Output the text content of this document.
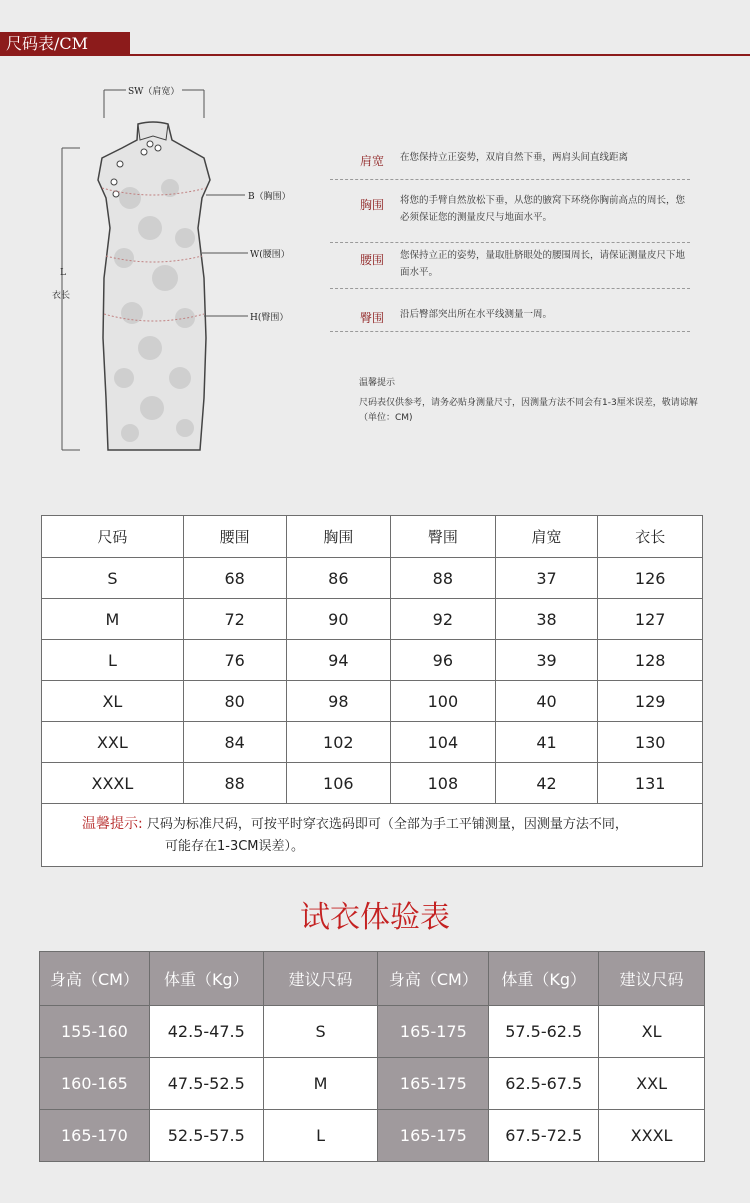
尺码表/CM
SW（肩宽）
B（胸围）
W(腰围）
H(臀围）
L
衣长
肩宽 在您保持立正姿势，双肩自然下垂，两肩头间直线距离
胸围 将您的手臂自然放松下垂，从您的腋窝下环绕你胸前高点的周长，您必须保证您的测量皮尺与地面水平。
腰围 您保持立正的姿势，量取肚脐眼处的腰围周长，请保证测量皮尺下地面水平。
臀围 沿后臀部突出所在水平线测量一周。
温馨提示
尺码表仅供参考，请务必贴身测量尺寸，因测量方法不同会有1-3厘米误差，敬请谅解（单位：CM)
尺码	腰围	胸围	臀围	肩宽	衣长
S	68	86	88	37	126
M	72	90	92	38	127
L	76	94	96	39	128
XL	80	98	100	40	129
XXL	84	102	104	41	130
XXXL	88	106	108	42	131
温馨提示: 尺码为标准尺码，可按平时穿衣选码即可（全部为手工平铺测量，因测量方法不同，
可能存在1-3CM误差）。					
试衣体验表
身高（CM）	体重（Kg）	建议尺码	身高（CM）	体重（Kg）	建议尺码
155-160	42.5-47.5	S	165-175	57.5-62.5	XL
160-165	47.5-52.5	M	165-175	62.5-67.5	XXL
165-170	52.5-57.5	L	165-175	67.5-72.5	XXXL
